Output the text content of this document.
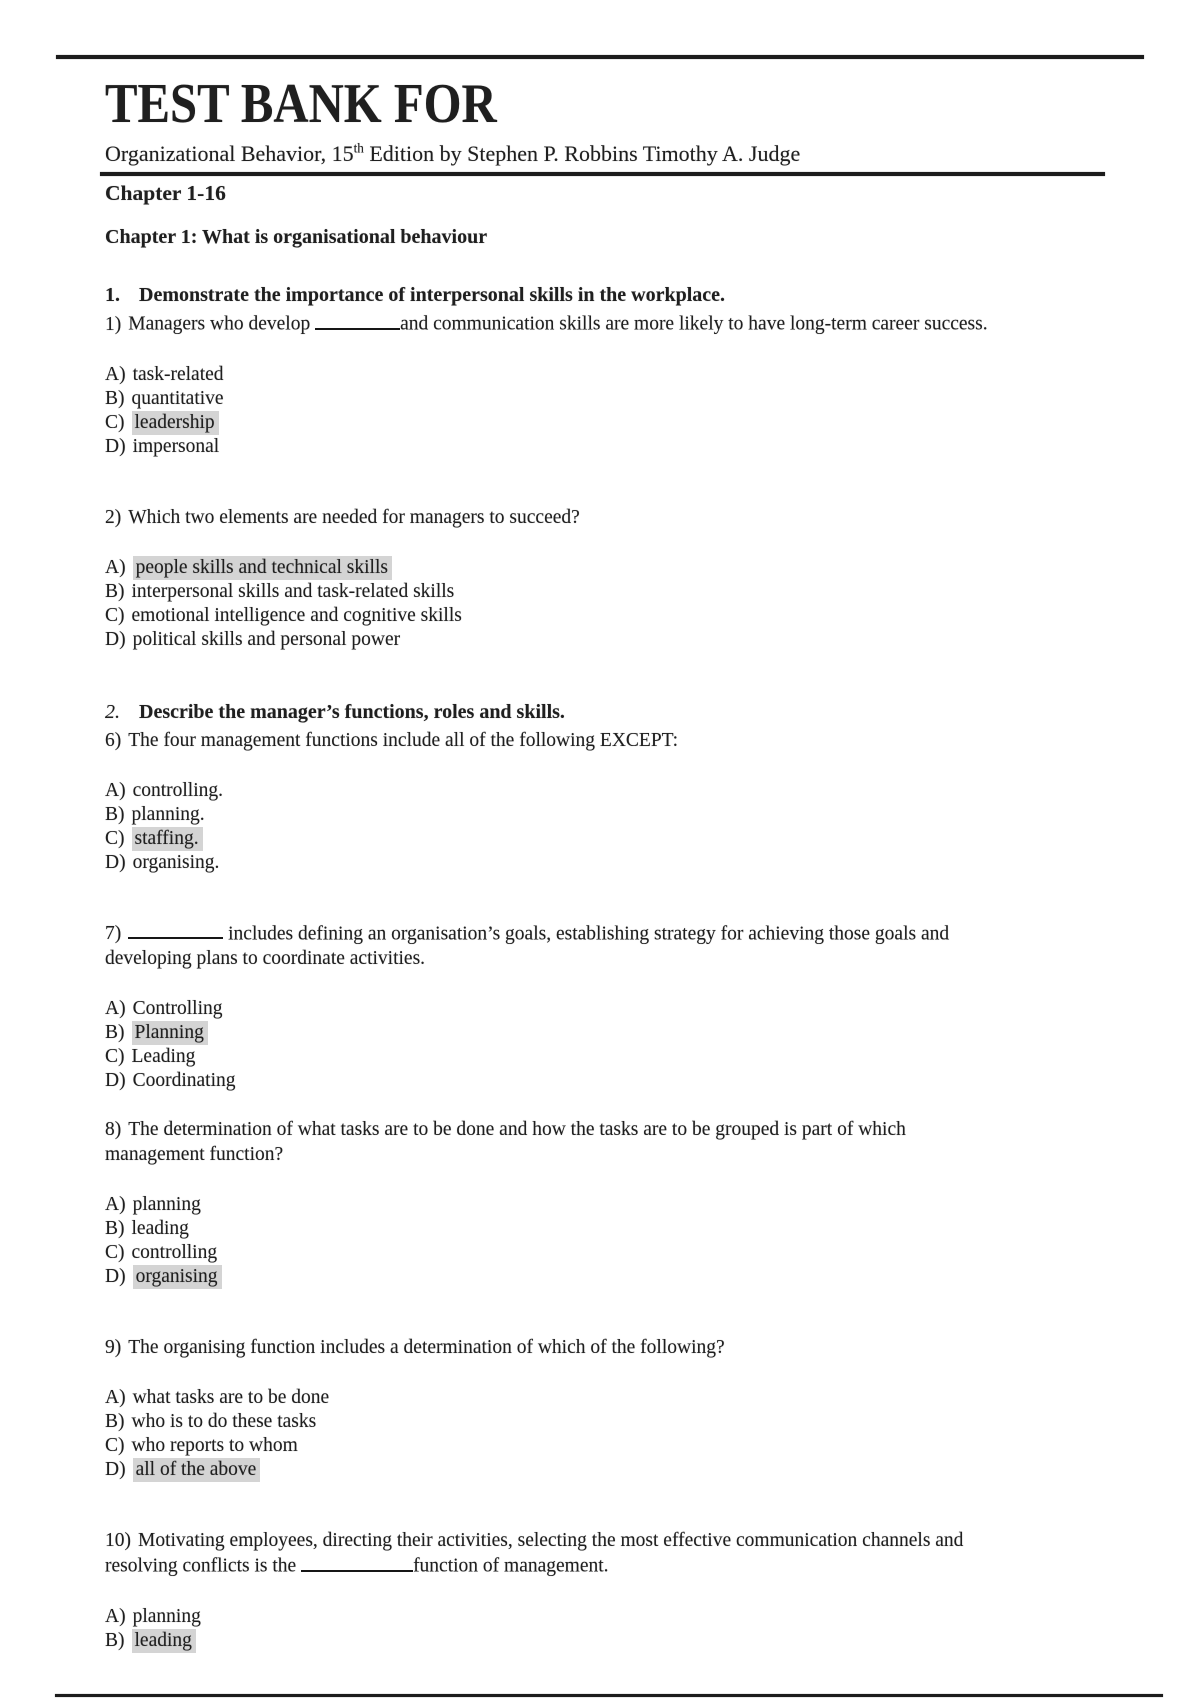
TEST BANK FOR

Organizational Behavior, 15th Edition by Stephen P. Robbins Timothy A. Judge

Chapter 1-16
Chapter 1: What is organisational behaviour
1. Demonstrate the importance of interpersonal skills in the workplace.
1) Managers who develop	and communication skills are more likely to have long-term career success.
A) task-related
B) quantitative
C) leadership
D) impersonal
2) Which two elements are needed for managers to succeed?
A) people skills and technical skills
B) interpersonal skills and task-related skills
C) emotional intelligence and cognitive skills
D) political skills and personal power
2. Describe the manager’s functions, roles and skills.
6) The four management functions include all of the following EXCEPT:
A) controlling.
B) planning.
C) staffing.
D) organising.
7)	includes defining an organisation’s goals, establishing strategy for achieving those goals and
developing plans to coordinate activities.
A) Controlling
B) Planning
C) Leading
D) Coordinating
8) The determination of what tasks are to be done and how the tasks are to be grouped is part of which
management function?
A) planning
B) leading
C) controlling
D) organising
9) The organising function includes a determination of which of the following?
A) what tasks are to be done
B) who is to do these tasks
C) who reports to whom
D) all of the above
10) Motivating employees, directing their activities, selecting the most effective communication channels and
resolving conflicts is the	function of management.
A) planning
B) leading
